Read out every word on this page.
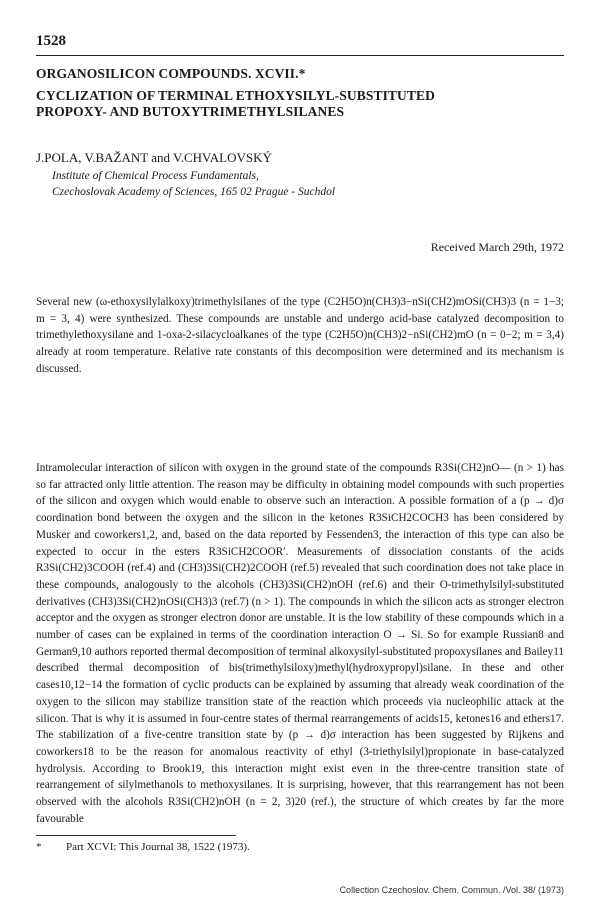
1528
ORGANOSILICON COMPOUNDS. XCVII.*
CYCLIZATION OF TERMINAL ETHOXYSILYL-SUBSTITUTED
PROPOXY- AND BUTOXYTRIMETHYLSILANES
J.POLA, V.BAŽANT and V.CHVALOVSKÝ
Institute of Chemical Process Fundamentals,
Czechoslovak Academy of Sciences, 165 02 Prague - Suchdol
Received March 29th, 1972
Several new (ω-ethoxysilylalkoxy)trimethylsilanes of the type (C2H5O)n(CH3)3−nSi(CH2)mOSi(CH3)3 (n = 1−3; m = 3, 4) were synthesized. These compounds are unstable and undergo acid-base catalyzed decomposition to trimethylethoxysilane and 1-oxa-2-silacycloalkanes of the type (C2H5O)n(CH3)2−nSi(CH2)mO (n = 0−2; m = 3,4) already at room temperature. Relative rate constants of this decomposition were determined and its mechanism is discussed.
Intramolecular interaction of silicon with oxygen in the ground state of the compounds R3Si(CH2)nO— (n > 1) has so far attracted only little attention. The reason may be difficulty in obtaining model compounds with such properties of the silicon and oxygen which would enable to observe such an interaction. A possible formation of a (p → d)σ coordination bond between the oxygen and the silicon in the ketones R3SiCH2COCH3 has been considered by Musker and coworkers1,2, and, based on the data reported by Fessenden3, the interaction of this type can also be expected to occur in the esters R3SiCH2COOR′. Measurements of dissociation constants of the acids R3Si(CH2)3COOH (ref.4) and (CH3)3Si(CH2)2COOH (ref.5) revealed that such coordination does not take place in these compounds, analogously to the alcohols (CH3)3Si(CH2)nOH (ref.6) and their O-trimethylsilyl-substituted derivatives (CH3)3Si(CH2)nOSi(CH3)3 (ref.7) (n > 1). The compounds in which the silicon acts as stronger electron acceptor and the oxygen as stronger electron donor are unstable. It is the low stability of these compounds which in a number of cases can be explained in terms of the coordination interaction O → Si. So for example Russian8 and German9,10 authors reported thermal decomposition of terminal alkoxysilyl-substituted propoxysilanes and Bailey11 described thermal decomposition of bis(trimethylsiloxy)methyl(hydroxypropyl)silane. In these and other cases10,12−14 the formation of cyclic products can be explained by assuming that already weak coordination of the oxygen to the silicon may stabilize transition state of the reaction which proceeds via nucleophilic attack at the silicon. That is why it is assumed in four-centre states of thermal rearrangements of acids15, ketones16 and ethers17. The stabilization of a five-centre transition state by (p → d)σ interaction has been suggested by Rijkens and coworkers18 to be the reason for anomalous reactivity of ethyl (3-triethylsilyl)propionate in base-catalyzed hydrolysis. According to Brook19, this interaction might exist even in the three-centre transition state of rearrangement of silylmethanols to methoxysilanes. It is surprising, however, that this rearrangement has not been observed with the alcohols R3Si(CH2)nOH (n = 2, 3)20 (ref.), the structure of which creates by far the more favourable
* Part XCVI: This Journal 38, 1522 (1973).
Collection Czechoslov. Chem. Commun. /Vol. 38/ (1973)
